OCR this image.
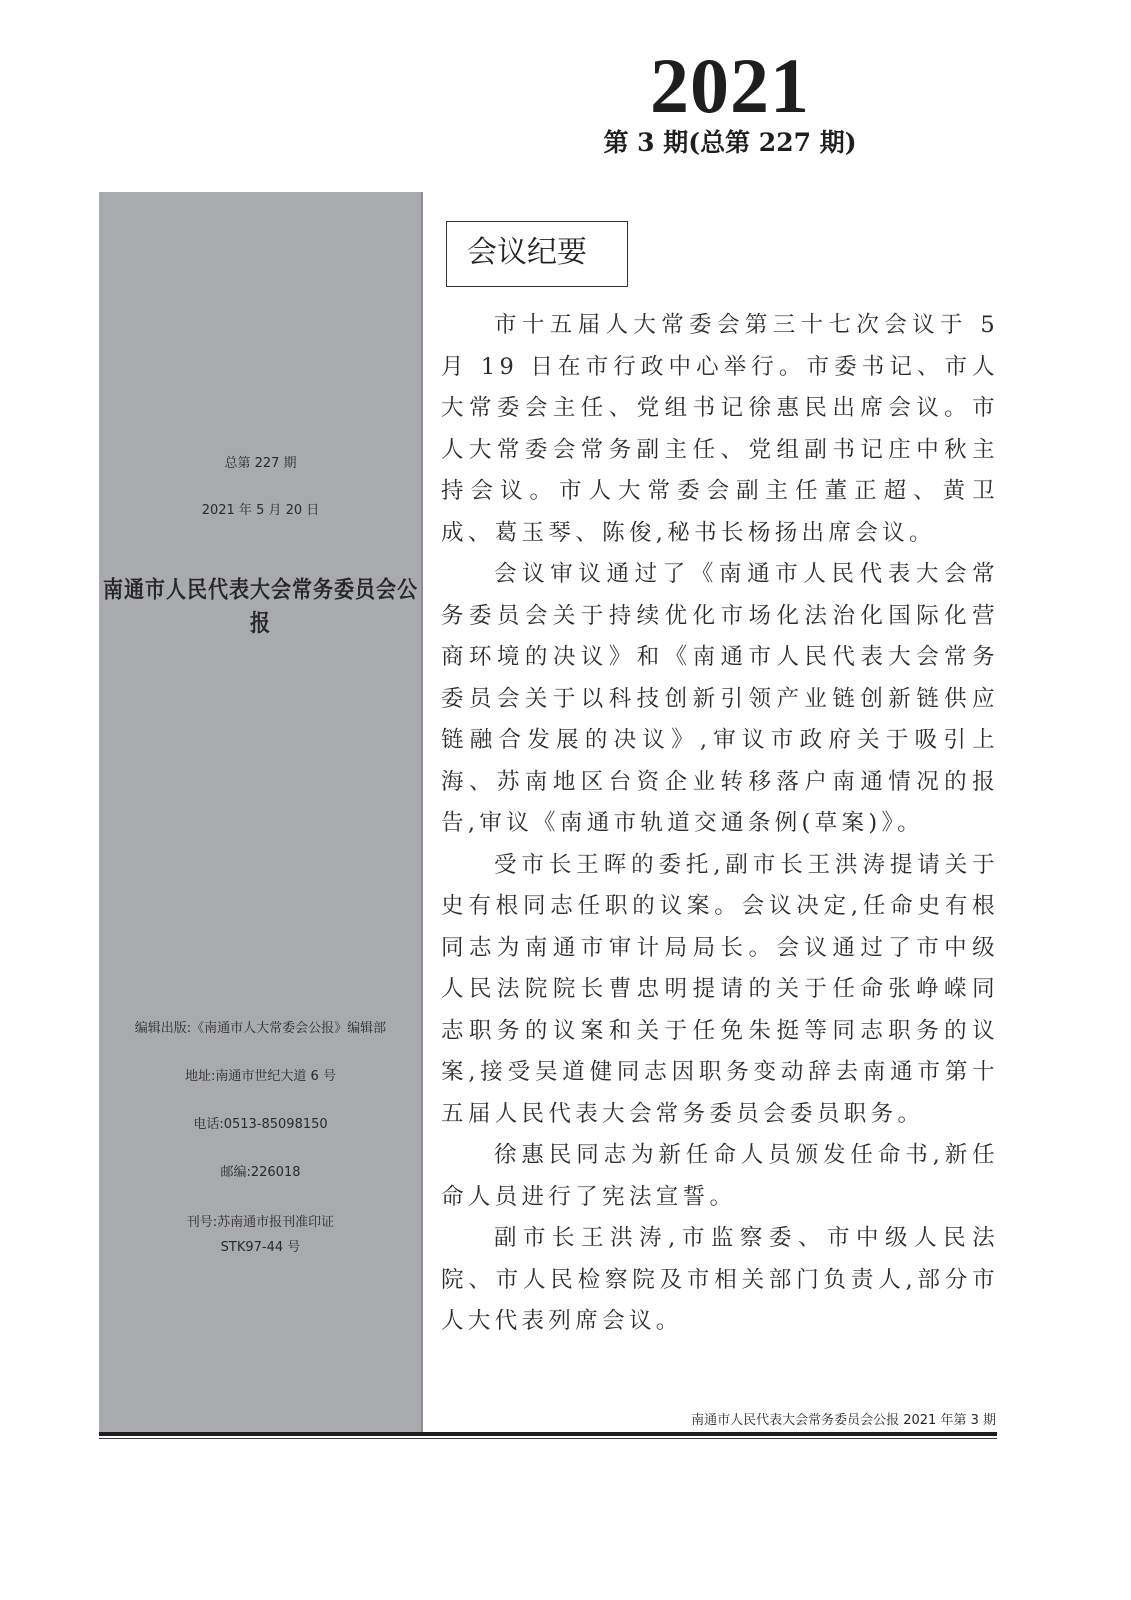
2021
第 3 期(总第 227 期)
南通市人民代表大会常务委员会公报
总第 227 期
2021 年 5 月 20 日
编辑出版:《南通市人大常委会公报》编辑部
地址:南通市世纪大道 6 号
电话:0513-85098150
邮编:226018
刊号:苏南通市报刊准印证
STK97-44 号
会议纪要

市十五届人大常委会第三十七次会议于 5 月 19 日在市行政中心举行。市委书记、市人大常委会主任、党组书记徐惠民出席会议。市人大常委会常务副主任、党组副书记庄中秋主持会议。市人大常委会副主任董正超、黄卫成、葛玉琴、陈俊,秘书长杨扬出席会议。

会议审议通过了《南通市人民代表大会常务委员会关于持续优化市场化法治化国际化营商环境的决议》和《南通市人民代表大会常务委员会关于以科技创新引领产业链创新链供应链融合发展的决议》,审议市政府关于吸引上海、苏南地区台资企业转移落户南通情况的报告,审议《南通市轨道交通条例(草案)》。

受市长王晖的委托,副市长王洪涛提请关于史有根同志任职的议案。会议决定,任命史有根同志为南通市审计局局长。会议通过了市中级人民法院院长曹忠明提请的关于任命张峥嵘同志职务的议案和关于任免朱挺等同志职务的议案,接受吴道健同志因职务变动辞去南通市第十五届人民代表大会常务委员会委员职务。

徐惠民同志为新任命人员颁发任命书,新任命人员进行了宪法宣誓。

副市长王洪涛,市监察委、市中级人民法院、市人民检察院及市相关部门负责人,部分市人大代表列席会议。

南通市人民代表大会常务委员会公报 2021 年第 3 期
